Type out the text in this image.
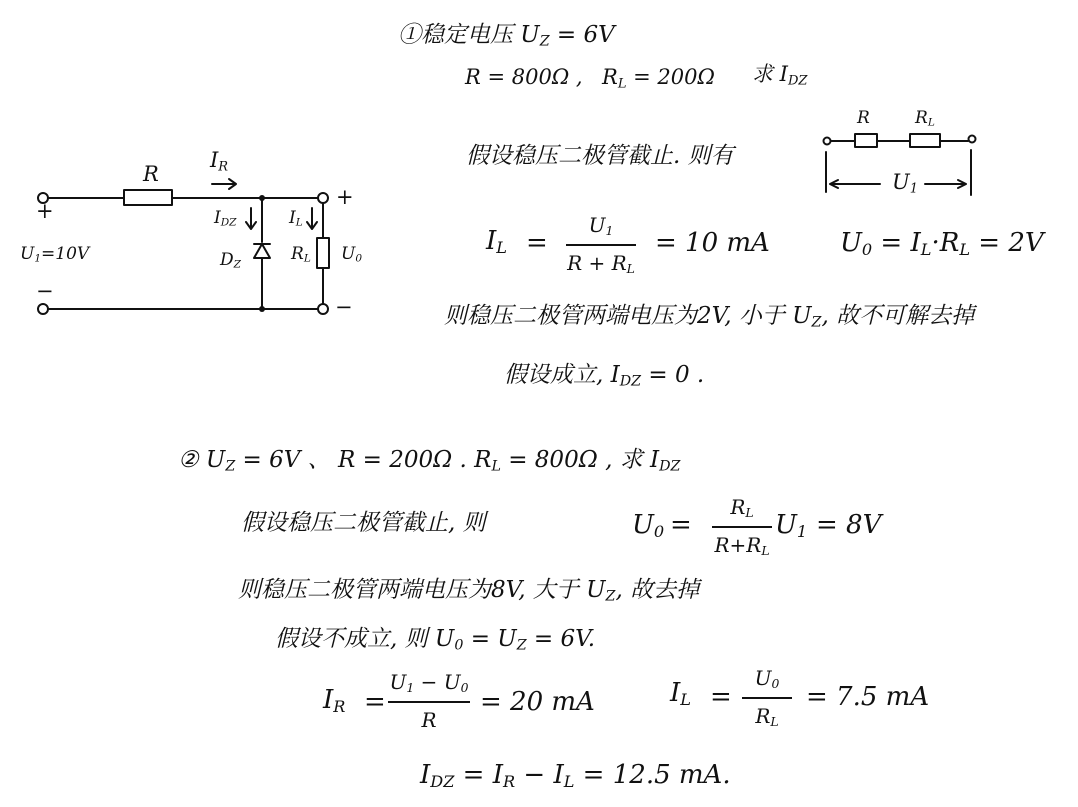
R
$I_R$
+
−
$U_1=10V$
+
−
$I_{DZ}$
$D_Z$
$I_L$
$R_L$ $U_0$
①稳定电压 $U_Z = 6V$
R = 800Ω , $R_L = 200\Omega$ 求 $I_{DZ}$
假设稳压二极管截止. 则有
R	$R_L$
$U_1$
$I_L$ =
$U_1$
$R + R_L$
= 10 mA	$U_0 = I_L\cdot R_L = 2V$
则稳压二极管两端电压为2V, 小于 $U_Z$, 故不可解去掉
假设成立, $I_{DZ} = 0$ .
② $U_Z = 6V$ 、 R = 200Ω . $R_L = 800\Omega$ , 求 $I_{DZ}$
假设稳压二极管截止, 则	$U_0$ =
$R_L$
$R+R_L$
$U_1 = 8V$
则稳压二极管两端电压为8V, 大于 $U_Z$, 故去掉
假设不成立, 则 $U_0 = U_Z = 6V$.
$I_R$ =
$U_1 - U_0$
R
= 20 mA	$I_L$ =
$U_0$
$R_L$
= 7.5 mA
$I_{DZ} = I_R - I_L = 12.5$ mA.
